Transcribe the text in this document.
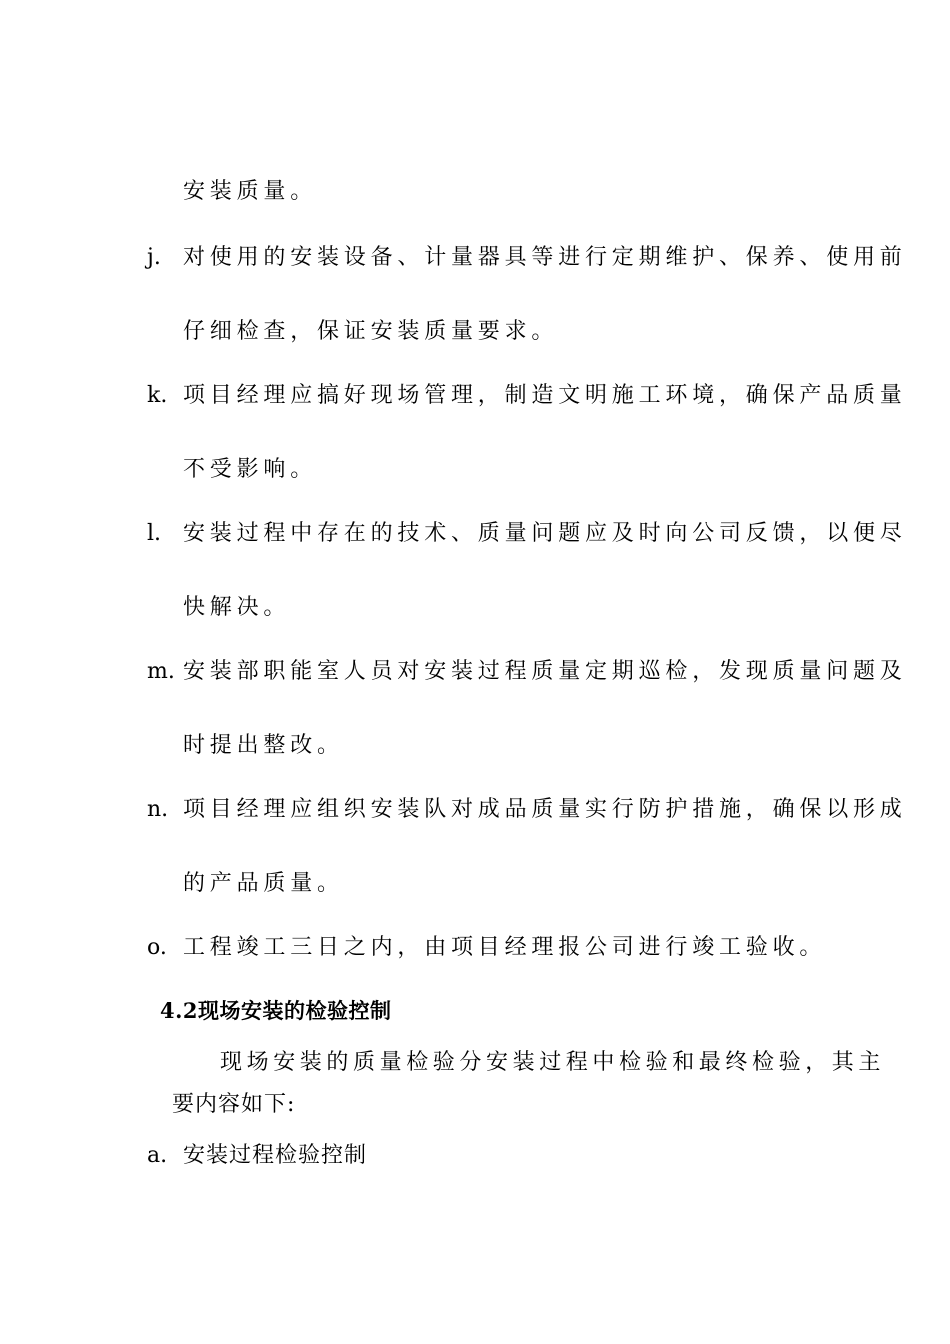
安装质量。
j. 对使用的安装设备、计量器具等进行定期维护、保养、使用前
仔细检查，保证安装质量要求。
k. 项目经理应搞好现场管理，制造文明施工环境，确保产品质量
不受影响。
l. 安装过程中存在的技术、质量问题应及时向公司反馈，以便尽
快解决。
m. 安装部职能室人员对安装过程质量定期巡检，发现质量问题及
时提出整改。
n. 项目经理应组织安装队对成品质量实行防护措施，确保以形成
的产品质量。
o. 工程竣工三日之内，由项目经理报公司进行竣工验收。
4.2现场安装的检验控制
现场安装的质量检验分安装过程中检验和最终检验，其主
要内容如下:
a. 安装过程检验控制
